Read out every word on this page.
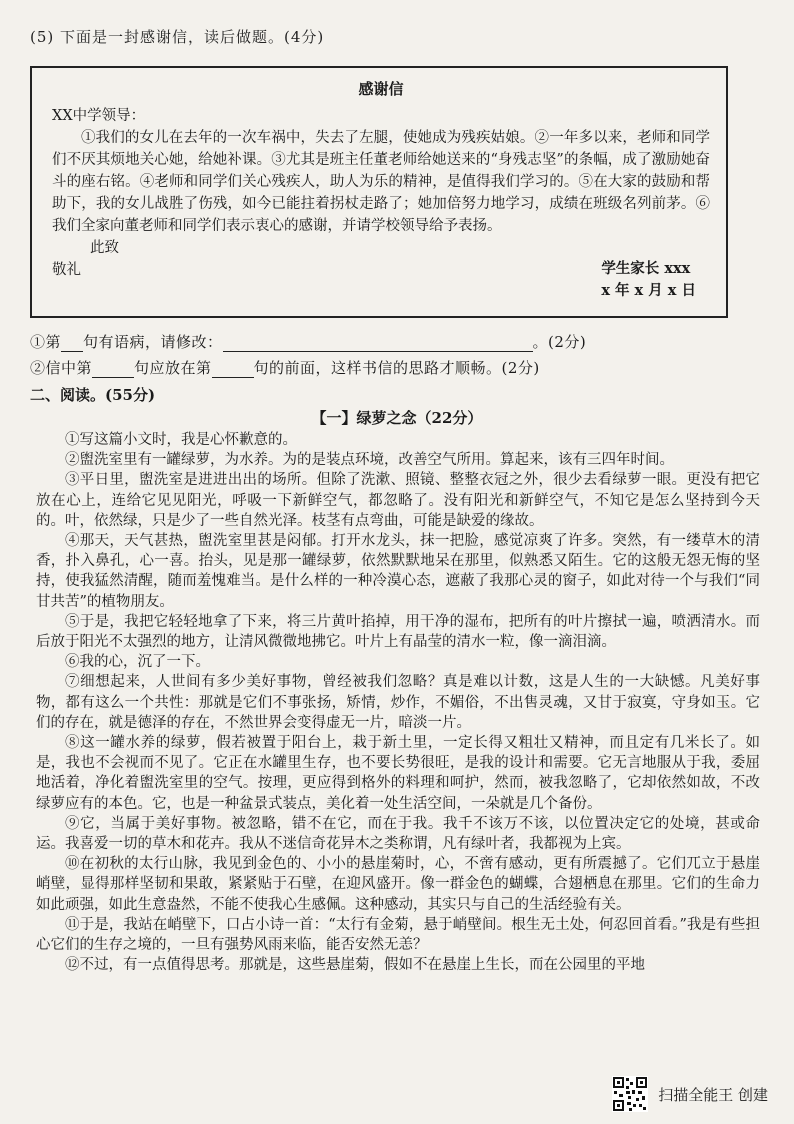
(5) 下面是一封感谢信，读后做题。(4分)
感谢信

XX中学领导：

①我们的女儿在去年的一次车祸中，失去了左腿，使她成为残疾姑娘。②一年多以来，老师和同学们不厌其烦地关心她，给她补课。③尤其是班主任董老师给她送来的“身残志坚”的条幅，成了激励她奋斗的座右铭。④老师和同学们关心残疾人，助人为乐的精神，是值得我们学习的。⑤在大家的鼓励和帮助下，我的女儿战胜了伤残，如今已能拄着拐杖走路了；她加倍努力地学习，成绩在班级名列前茅。⑥我们全家向董老师和同学们表示衷心的感谢，并请学校领导给予表扬。

此致

敬礼	学生家长 xxx
x 年 x 月 x 日
①第 句有语病，请修改：	。(2分)
②信中第	句应放在第	句的前面，这样书信的思路才顺畅。(2分)
二、阅读。(55分)
【一】绿萝之念（22分）

①写这篇小文时，我是心怀歉意的。

②盥洗室里有一罐绿萝，为水养。为的是装点环境，改善空气所用。算起来，该有三四年时间。

③平日里，盥洗室是进进出出的场所。但除了洗漱、照镜、整整衣冠之外，很少去看绿萝一眼。更没有把它放在心上，连给它见见阳光，呼吸一下新鲜空气，都忽略了。没有阳光和新鲜空气，不知它是怎么坚持到今天的。叶，依然绿，只是少了一些自然光泽。枝茎有点弯曲，可能是缺爱的缘故。

④那天，天气甚热，盥洗室里甚是闷郁。打开水龙头，抹一把脸，感觉凉爽了许多。突然，有一缕草木的清香，扑入鼻孔，心一喜。抬头，见是那一罐绿萝，依然默默地呆在那里，似熟悉又陌生。它的这般无怨无悔的坚持，使我猛然清醒，随而羞愧难当。是什么样的一种冷漠心态，遮蔽了我那心灵的窗子，如此对待一个与我们“同甘共苦”的植物朋友。

⑤于是，我把它轻轻地拿了下来，将三片黄叶掐掉，用干净的湿布，把所有的叶片擦拭一遍，喷洒清水。而后放于阳光不太强烈的地方，让清风微微地拂它。叶片上有晶莹的清水一粒，像一滴泪滴。

⑥我的心，沉了一下。

⑦细想起来，人世间有多少美好事物，曾经被我们忽略？真是难以计数，这是人生的一大缺憾。凡美好事物，都有这么一个共性：那就是它们不事张扬，矫情，炒作，不媚俗，不出售灵魂，又甘于寂寞，守身如玉。它们的存在，就是德泽的存在，不然世界会变得虚无一片，暗淡一片。

⑧这一罐水养的绿萝，假若被置于阳台上，栽于新土里，一定长得又粗壮又精神，而且定有几米长了。如是，我也不会视而不见了。它正在水罐里生存，也不要长势很旺，是我的设计和需要。它无言地服从于我，委屈地活着，净化着盥洗室里的空气。按理，更应得到格外的料理和呵护，然而，被我忽略了，它却依然如故，不改绿萝应有的本色。它，也是一种盆景式装点，美化着一处生活空间，一朵就是几个备份。

⑨它，当属于美好事物。被忽略，错不在它，而在于我。我千不该万不该，以位置决定它的处境，甚或命运。我喜爱一切的草木和花卉。我从不迷信奇花异木之类称谓，凡有绿叶者，我都视为上宾。

⑩在初秋的太行山脉，我见到金色的、小小的悬崖菊时，心，不啻有感动，更有所震撼了。它们兀立于悬崖峭壁，显得那样坚韧和果敢，紧紧贴于石壁，在迎风盛开。像一群金色的蝴蝶，合翅栖息在那里。它们的生命力如此顽强，如此生意盎然，不能不使我心生感佩。这种感动，其实只与自己的生活经验有关。

⑪于是，我站在峭壁下，口占小诗一首：“太行有金菊，悬于峭壁间。根生无土处，何忍回首看。”我是有些担心它们的生存之境的，一旦有强势风雨来临，能否安然无恙？

⑫不过，有一点值得思考。那就是，这些悬崖菊，假如不在悬崖上生长，而在公园里的平地

扫描全能王 创建
